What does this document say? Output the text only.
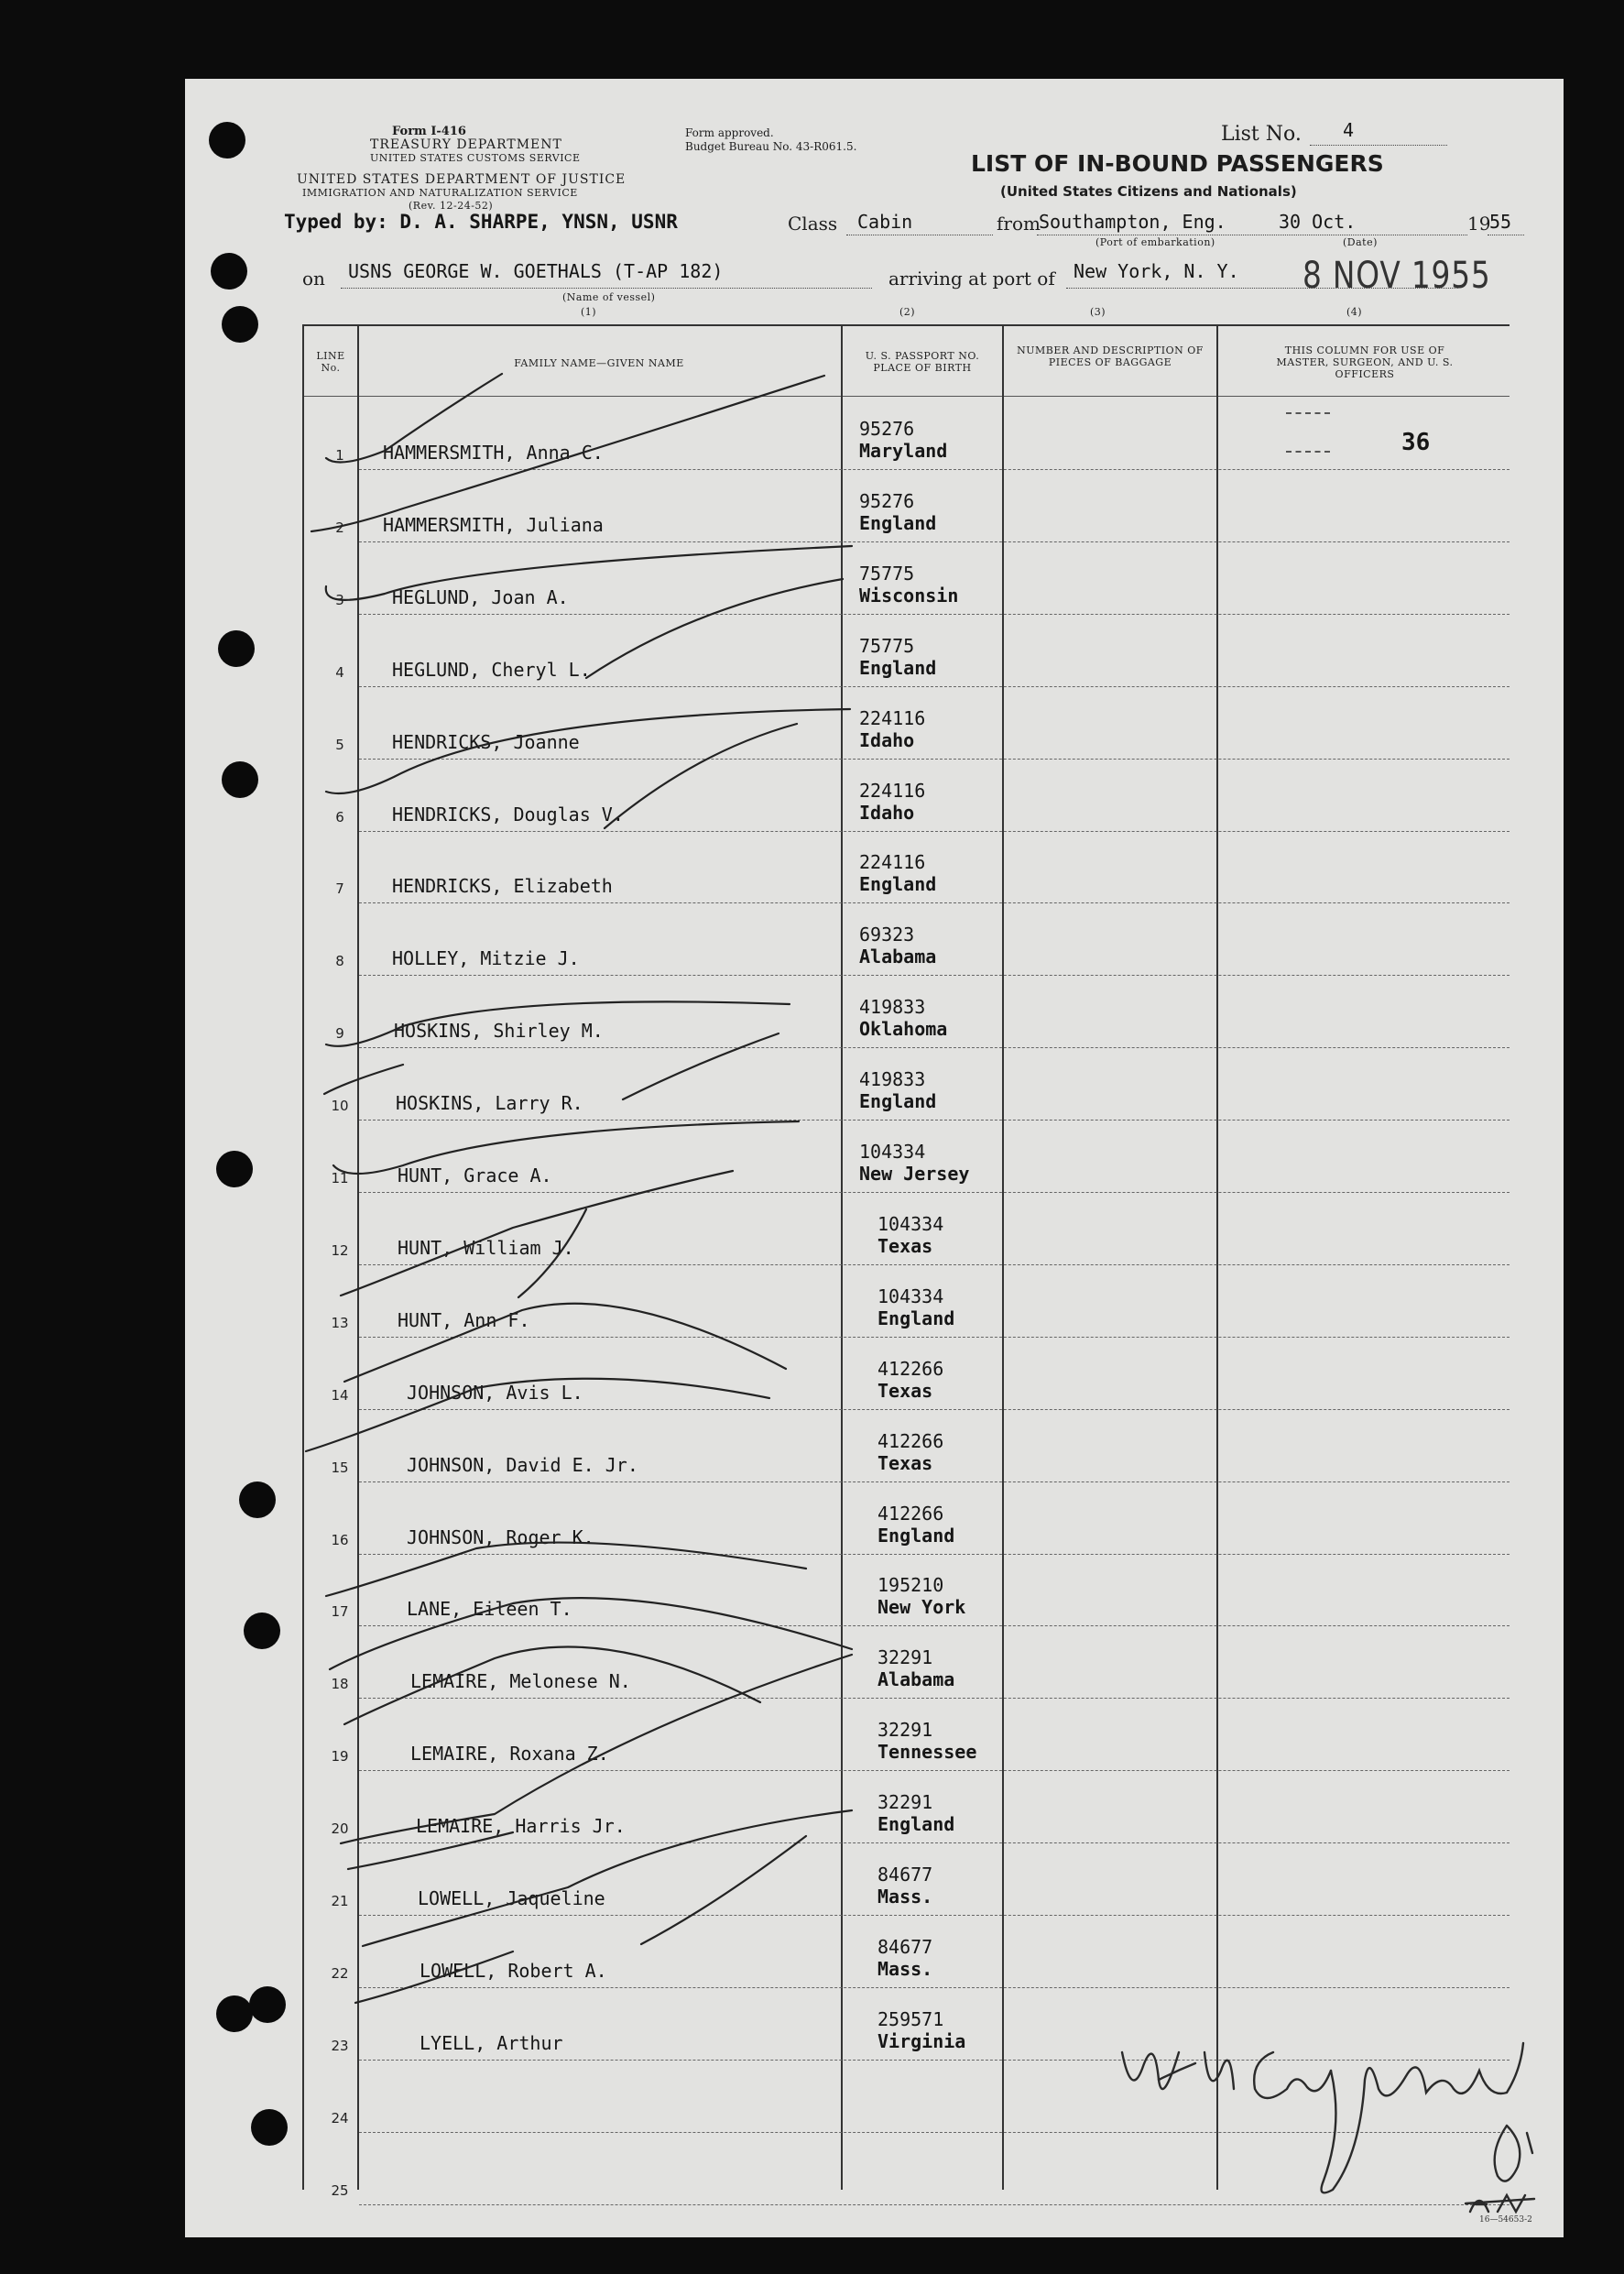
Form I-416
TREASURY DEPARTMENT
UNITED STATES CUSTOMS SERVICE
UNITED STATES DEPARTMENT OF JUSTICE
IMMIGRATION AND NATURALIZATION SERVICE
(Rev. 12-24-52)
Form approved.
Budget Bureau No. 43-R061.5.
LIST OF IN-BOUND PASSENGERS
(United States Citizens and Nationals)
List No. 4
Typed by: D. A. SHARPE, YNSN, USNR	Class Cabin	from
Southampton, Eng.	30 Oct.	19
55
(Port of embarkation)	(Date)
on USNS GEORGE W. GOETHALS (T-AP 182)
(Name of vessel)
arriving at port of New York, N. Y. 8 NOV 1955
(1)	(2)	(3)	(4)
LINE No.	FAMILY NAME—GIVEN NAME
U. S. PASSPORT NO. PLACE OF BIRTH
NUMBER AND DESCRIPTION OF PIECES OF BAGGAGE
THIS COLUMN FOR USE OF MASTER, SURGEON, AND U. S. OFFICERS
36
1	HAMMERSMITH, Anna C.
95276
Maryland
2	HAMMERSMITH, Juliana
95276
England
3	HEGLUND, Joan A.
75775
Wisconsin
4	HEGLUND, Cheryl L.
75775
England
5	HENDRICKS, Joanne
224116
Idaho
6	HENDRICKS, Douglas V.
224116
Idaho
7	HENDRICKS, Elizabeth
224116
England
8	HOLLEY, Mitzie J.
69323
Alabama
9	HOSKINS, Shirley M.
419833
Oklahoma
10	HOSKINS, Larry R.
419833
England
11	HUNT, Grace A.
104334
New Jersey
12	HUNT, William J.
104334
Texas
13	HUNT, Ann F.
104334
England
14	JOHNSON, Avis L.
412266
Texas
15	JOHNSON, David E. Jr.
412266
Texas
16	JOHNSON, Roger K.
412266
England
17	LANE, Eileen T.
195210
New York
18	LEMAIRE, Melonese N.
32291
Alabama
19	LEMAIRE, Roxana Z.
32291
Tennessee
20	LEMAIRE, Harris Jr.
32291
England
21	LOWELL, Jaqueline
84677
Mass.
22	LOWELL, Robert A.
84677
Mass.
23	LYELL, Arthur
259571
Virginia
24
25
16—54653-2
